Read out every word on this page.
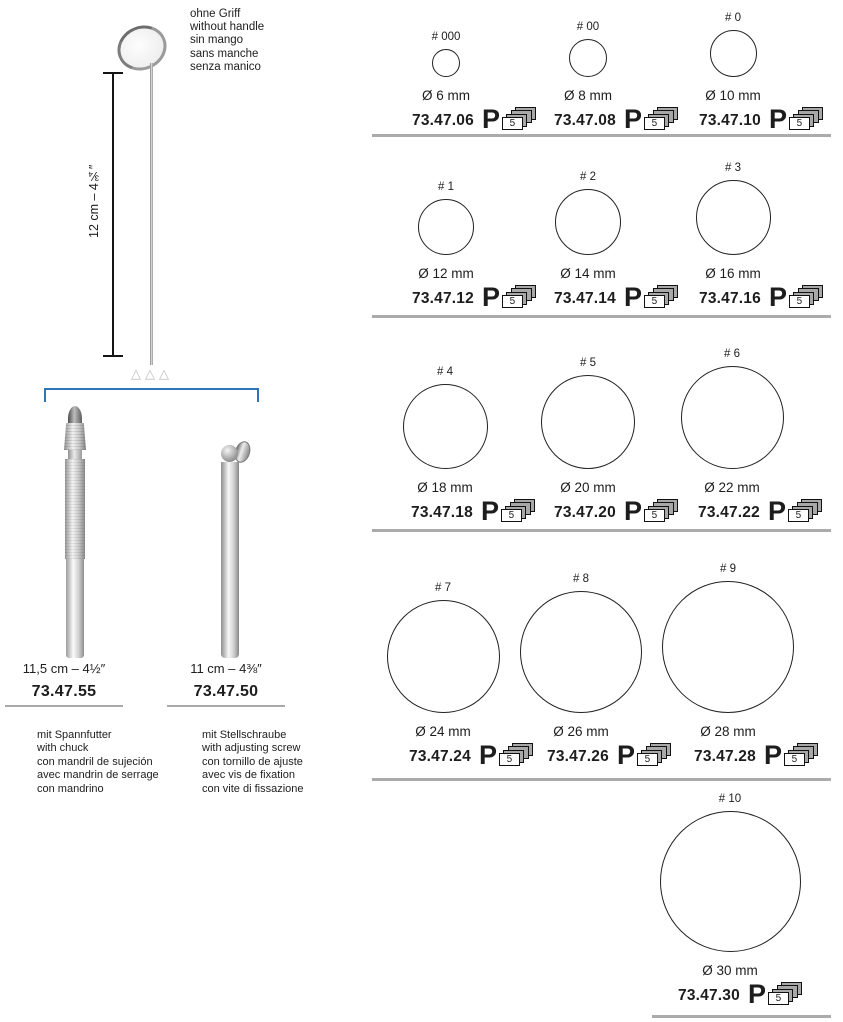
12 cm – 4¾″
ohne Griff
without handle
sin mango
sans manche
senza manico
△△△
11,5 cm – 4½″
73.47.55
11 cm – 4⅜″
73.47.50
mit Spannfutter
with chuck
con mandril de sujeción
avec mandrin de serrage
con mandrino
mit Stellschraube
with adjusting screw
con tornillo de ajuste
avec vis de fixation
con vite di fissazione
# 000
Ø 6 mm
73.47.06 P 5
# 00
Ø 8 mm
73.47.08 P 5
# 0
Ø 10 mm
73.47.10 P 5
# 1
Ø 12 mm
73.47.12 P 5
# 2
Ø 14 mm
73.47.14 P 5
# 3
Ø 16 mm
73.47.16 P 5
# 4
Ø 18 mm
73.47.18 P 5
# 5
Ø 20 mm
73.47.20 P 5
# 6
Ø 22 mm
73.47.22 P 5
# 7
Ø 24 mm
73.47.24 P 5
# 8
Ø 26 mm
73.47.26 P 5
# 9
Ø 28 mm
73.47.28 P 5
# 10
Ø 30 mm
73.47.30 P 5
